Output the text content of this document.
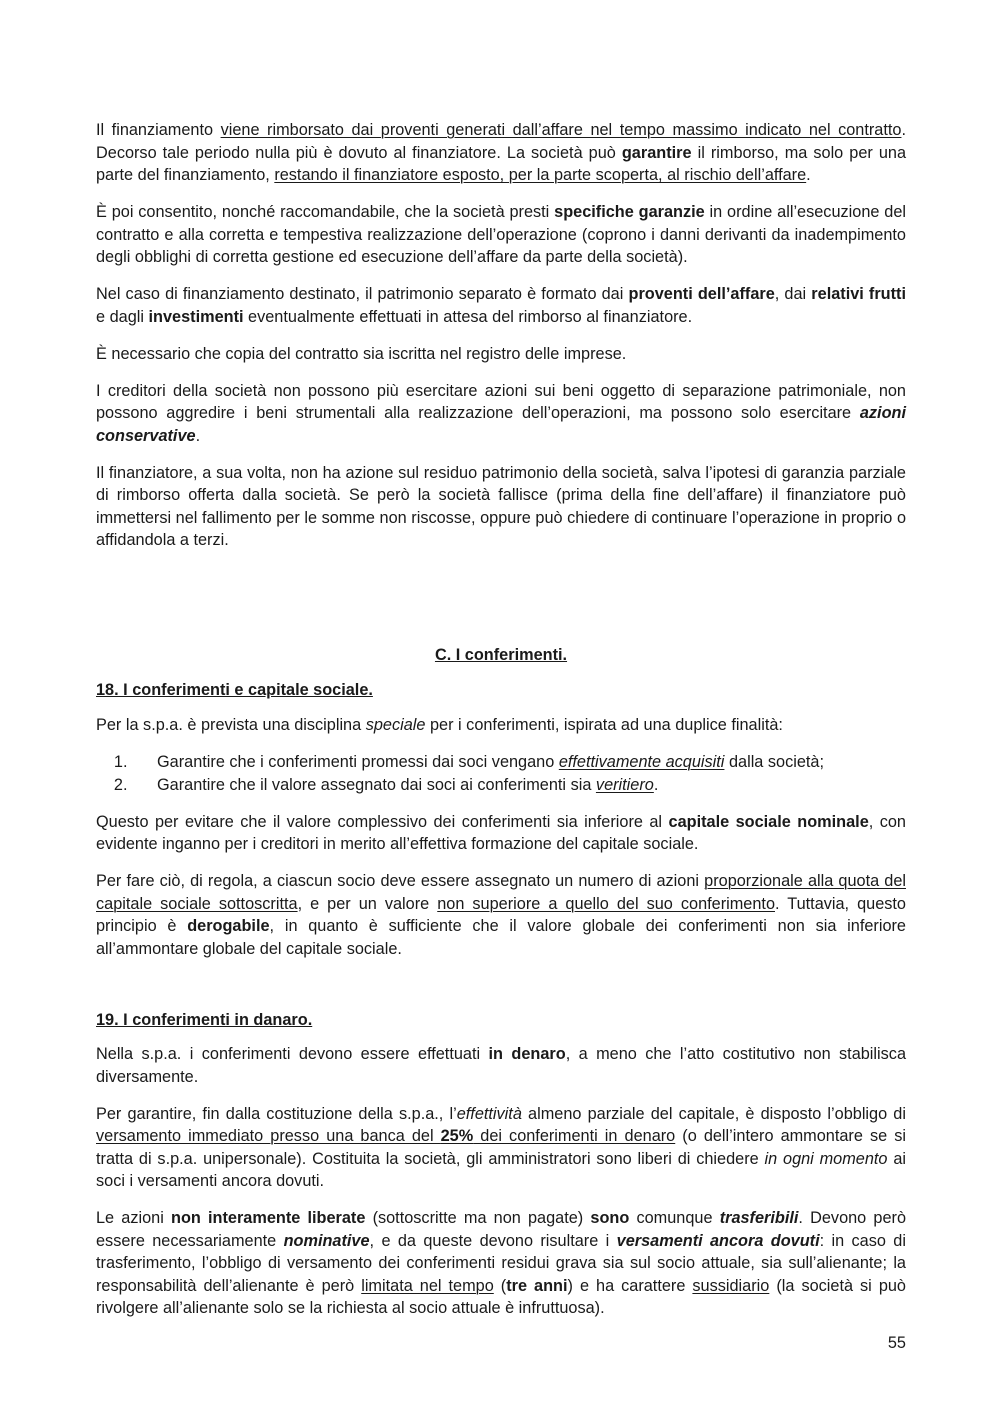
Il finanziamento viene rimborsato dai proventi generati dall’affare nel tempo massimo indicato nel contratto. Decorso tale periodo nulla più è dovuto al finanziatore. La società può garantire il rimborso, ma solo per una parte del finanziamento, restando il finanziatore esposto, per la parte scoperta, al rischio dell’affare.

È poi consentito, nonché raccomandabile, che la società presti specifiche garanzie in ordine all’esecuzione del contratto e alla corretta e tempestiva realizzazione dell’operazione (coprono i danni derivanti da inadempimento degli obblighi di corretta gestione ed esecuzione dell’affare da parte della società).

Nel caso di finanziamento destinato, il patrimonio separato è formato dai proventi dell’affare, dai relativi frutti e dagli investimenti eventualmente effettuati in attesa del rimborso al finanziatore.

È necessario che copia del contratto sia iscritta nel registro delle imprese.

I creditori della società non possono più esercitare azioni sui beni oggetto di separazione patrimoniale, non possono aggredire i beni strumentali alla realizzazione dell’operazioni, ma possono solo esercitare azioni conservative.

Il finanziatore, a sua volta, non ha azione sul residuo patrimonio della società, salva l’ipotesi di garanzia parziale di rimborso offerta dalla società. Se però la società fallisce (prima della fine dell’affare) il finanziatore può immettersi nel fallimento per le somme non riscosse, oppure può chiedere di continuare l’operazione in proprio o affidandola a terzi.

C. I conferimenti.

18. I conferimenti e capitale sociale.

Per la s.p.a. è prevista una disciplina speciale per i conferimenti, ispirata ad una duplice finalità:

1. Garantire che i conferimenti promessi dai soci vengano effettivamente acquisiti dalla società;
2. Garantire che il valore assegnato dai soci ai conferimenti sia veritiero.

Questo per evitare che il valore complessivo dei conferimenti sia inferiore al capitale sociale nominale, con evidente inganno per i creditori in merito all’effettiva formazione del capitale sociale.

Per fare ciò, di regola, a ciascun socio deve essere assegnato un numero di azioni proporzionale alla quota del capitale sociale sottoscritta, e per un valore non superiore a quello del suo conferimento. Tuttavia, questo principio è derogabile, in quanto è sufficiente che il valore globale dei conferimenti non sia inferiore all’ammontare globale del capitale sociale.

19. I conferimenti in danaro.

Nella s.p.a. i conferimenti devono essere effettuati in denaro, a meno che l’atto costitutivo non stabilisca diversamente.

Per garantire, fin dalla costituzione della s.p.a., l’effettività almeno parziale del capitale, è disposto l’obbligo di versamento immediato presso una banca del 25% dei conferimenti in denaro (o dell’intero ammontare se si tratta di s.p.a. unipersonale). Costituita la società, gli amministratori sono liberi di chiedere in ogni momento ai soci i versamenti ancora dovuti.

Le azioni non interamente liberate (sottoscritte ma non pagate) sono comunque trasferibili. Devono però essere necessariamente nominative, e da queste devono risultare i versamenti ancora dovuti: in caso di trasferimento, l’obbligo di versamento dei conferimenti residui grava sia sul socio attuale, sia sull’alienante; la responsabilità dell’alienante è però limitata nel tempo (tre anni) e ha carattere sussidiario (la società si può rivolgere all’alienante solo se la richiesta al socio attuale è infruttuosa).

55
